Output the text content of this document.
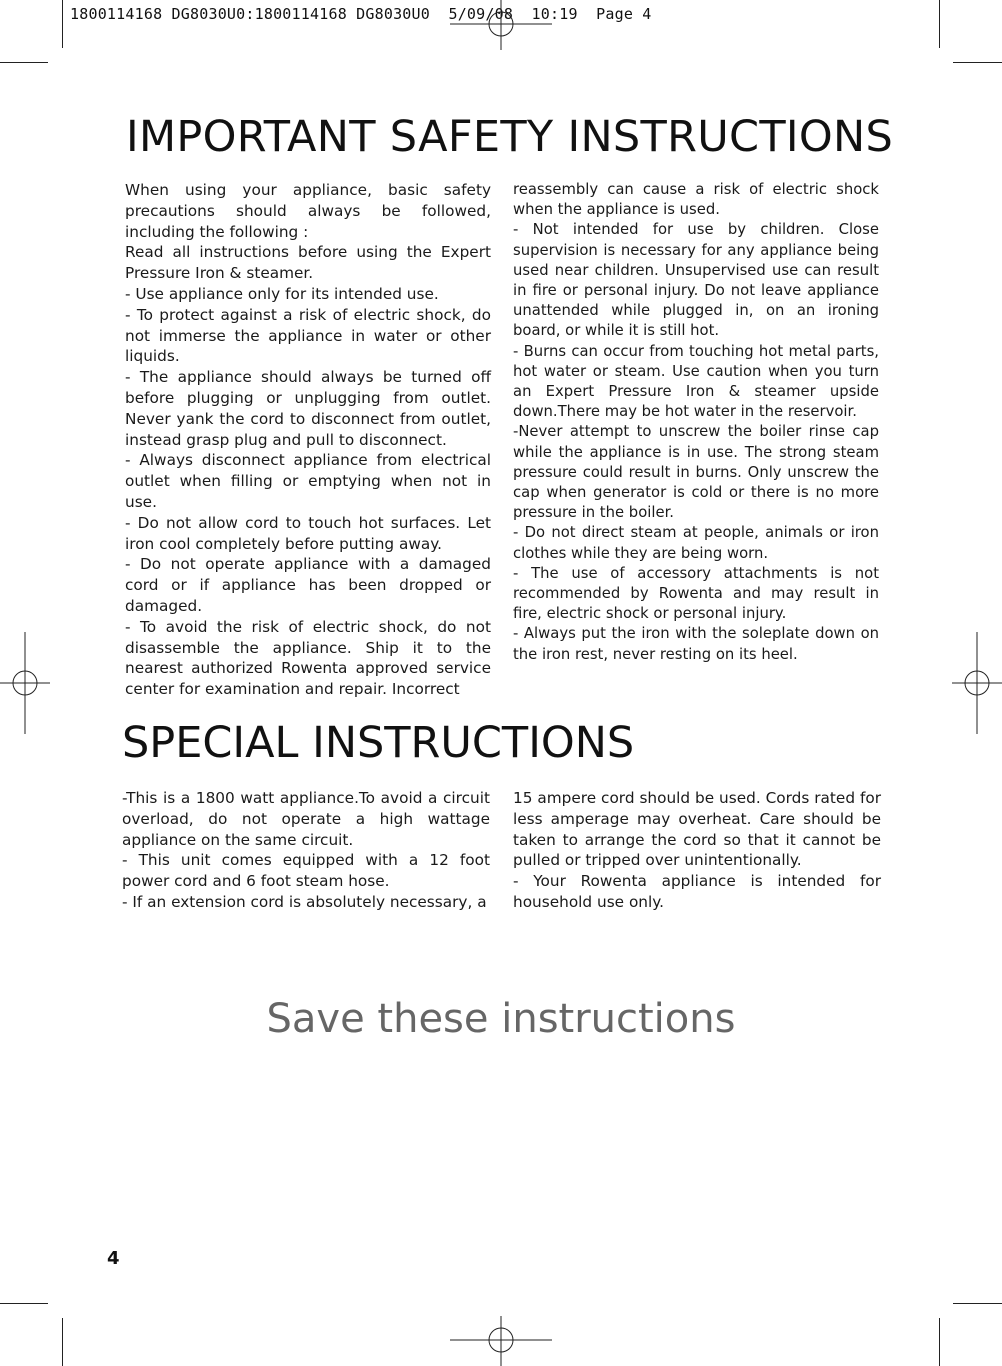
1800114168 DG8030U0:1800114168 DG8030U0  5/09/08  10:19  Page 4
IMPORTANT SAFETY INSTRUCTIONS

When using your appliance, basic safety precautions should always be followed, including the following :

Read all instructions before using the Expert Pressure Iron & steamer.

- Use appliance only for its intended use.

- To protect against a risk of electric shock, do not immerse the appliance in water or other liquids.

- The appliance should always be turned off before plugging or unplugging from outlet. Never yank the cord to disconnect from outlet, instead grasp plug and pull to disconnect.

- Always disconnect appliance from electrical outlet when filling or emptying when not in use.

- Do not allow cord to touch hot surfaces. Let iron cool completely before putting away.

- Do not operate appliance with a damaged cord or if appliance has been dropped or damaged.

- To avoid the risk of electric shock, do not disassemble the appliance. Ship it to the nearest authorized Rowenta approved service center for examination and repair. Incorrect

reassembly can cause a risk of electric shock when the appliance is used.

- Not intended for use by children. Close supervision is necessary for any appliance being used near children. Unsupervised use can result in fire or personal injury. Do not leave appliance unattended while plugged in, on an ironing board, or while it is still hot.

- Burns can occur from touching hot metal parts, hot water or steam. Use caution when you turn an Expert Pressure Iron & steamer upside down.There may be hot water in the reservoir.

-Never attempt to unscrew the boiler rinse cap while the appliance is in use. The strong steam pressure could result in burns. Only unscrew the cap when generator is cold or there is no more pressure in the boiler.

- Do not direct steam at people, animals or iron clothes while they are being worn.

- The use of accessory attachments is not recommended by Rowenta and may result in fire, electric shock or personal injury.

- Always put the iron with the soleplate down on the iron rest, never resting on its heel.

SPECIAL INSTRUCTIONS

-This is a 1800 watt appliance.To avoid a circuit overload, do not operate a high wattage appliance on the same circuit.

- This unit comes equipped with a 12 foot power cord and 6 foot steam hose.

- If an extension cord is absolutely necessary, a

15 ampere cord should be used. Cords rated for less amperage may overheat. Care should be taken to arrange the cord so that it cannot be pulled or tripped over unintentionally.

- Your Rowenta appliance is intended for household use only.

Save these instructions
4
